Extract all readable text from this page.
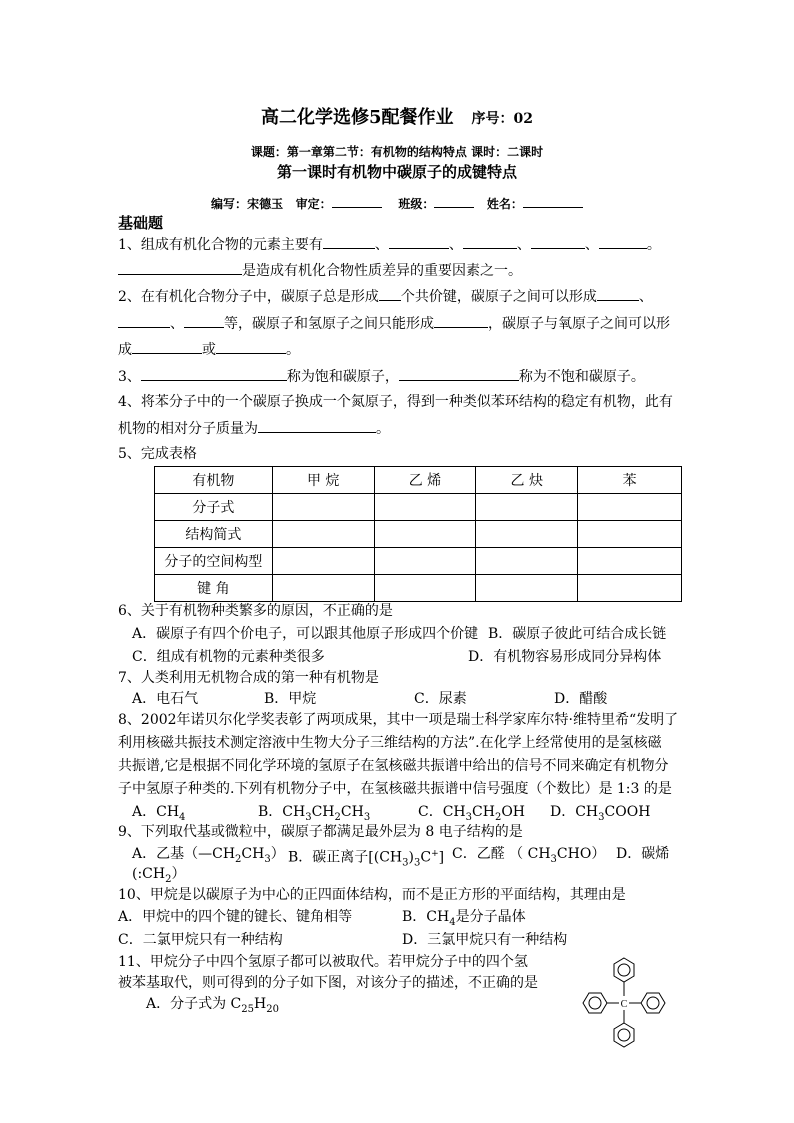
高二化学选修5配餐作业 序号：02
课题：第一章第二节：有机物的结构特点 课时：二课时
第一课时有机物中碳原子的成键特点
编写：宋德玉 审定：	班级：	姓名：
基础题
1、组成有机化合物的元素主要有	、	、	、	、	。
是造成有机化合物性质差异的重要因素之一。
2、在有机化合物分子中，碳原子总是形成 个共价键，碳原子之间可以形成	、
、	等，碳原子和氢原子之间只能形成	，碳原子与氧原子之间可以形
成	或	。
3、	称为饱和碳原子，	称为不饱和碳原子。
4、将苯分子中的一个碳原子换成一个氮原子，得到一种类似苯环结构的稳定有机物，此有
机物的相对分子质量为	。
5、完成表格
有机物	甲 烷	乙 烯	乙 炔	苯
分子式				
结构简式				
分子的空间构型				
键 角				
6、关于有机物种类繁多的原因，不正确的是
A．碳原子有四个价电子，可以跟其他原子形成四个价键 B．碳原子彼此可结合成长链
C．组成有机物的元素种类很多	D．有机物容易形成同分异构体
7、人类利用无机物合成的第一种有机物是
A．电石气	B．甲烷	C．尿素	D．醋酸
8、2002年诺贝尔化学奖表彰了两项成果，其中一项是瑞士科学家库尔特·维特里希“发明了
利用核磁共振技术测定溶液中生物大分子三维结构的方法”.在化学上经常使用的是氢核磁
共振谱,它是根据不同化学环境的氢原子在氢核磁共振谱中给出的信号不同来确定有机物分
子中氢原子种类的.下列有机物分子中，在氢核磁共振谱中信号强度（个数比）是 1:3 的是
A．$CH_4$	B．$CH_3CH_2CH_3$	C．$CH_3CH_2OH$ D．$CH_3COOH$
9、下列取代基或微粒中，碳原子都满足最外层为 8 电子结构的是
A．乙基$(—CH_2CH_3)$ B．碳正离子$[(CH_3)_3C^+]$ C．乙醛 （ $CH_3CHO$） D．碳烯
$(:CH_2)$
10、甲烷是以碳原子为中心的正四面体结构，而不是正方形的平面结构，其理由是
A．甲烷中的四个键的键长、键角相等	B．$CH_4$是分子晶体
C．二氯甲烷只有一种结构	D．三氯甲烷只有一种结构
11、甲烷分子中四个氢原子都可以被取代。若甲烷分子中的四个氢
被苯基取代，则可得到的分子如下图，对该分子的描述，不正确的是
A．分子式为 $C_{25}H_{20}$	C
